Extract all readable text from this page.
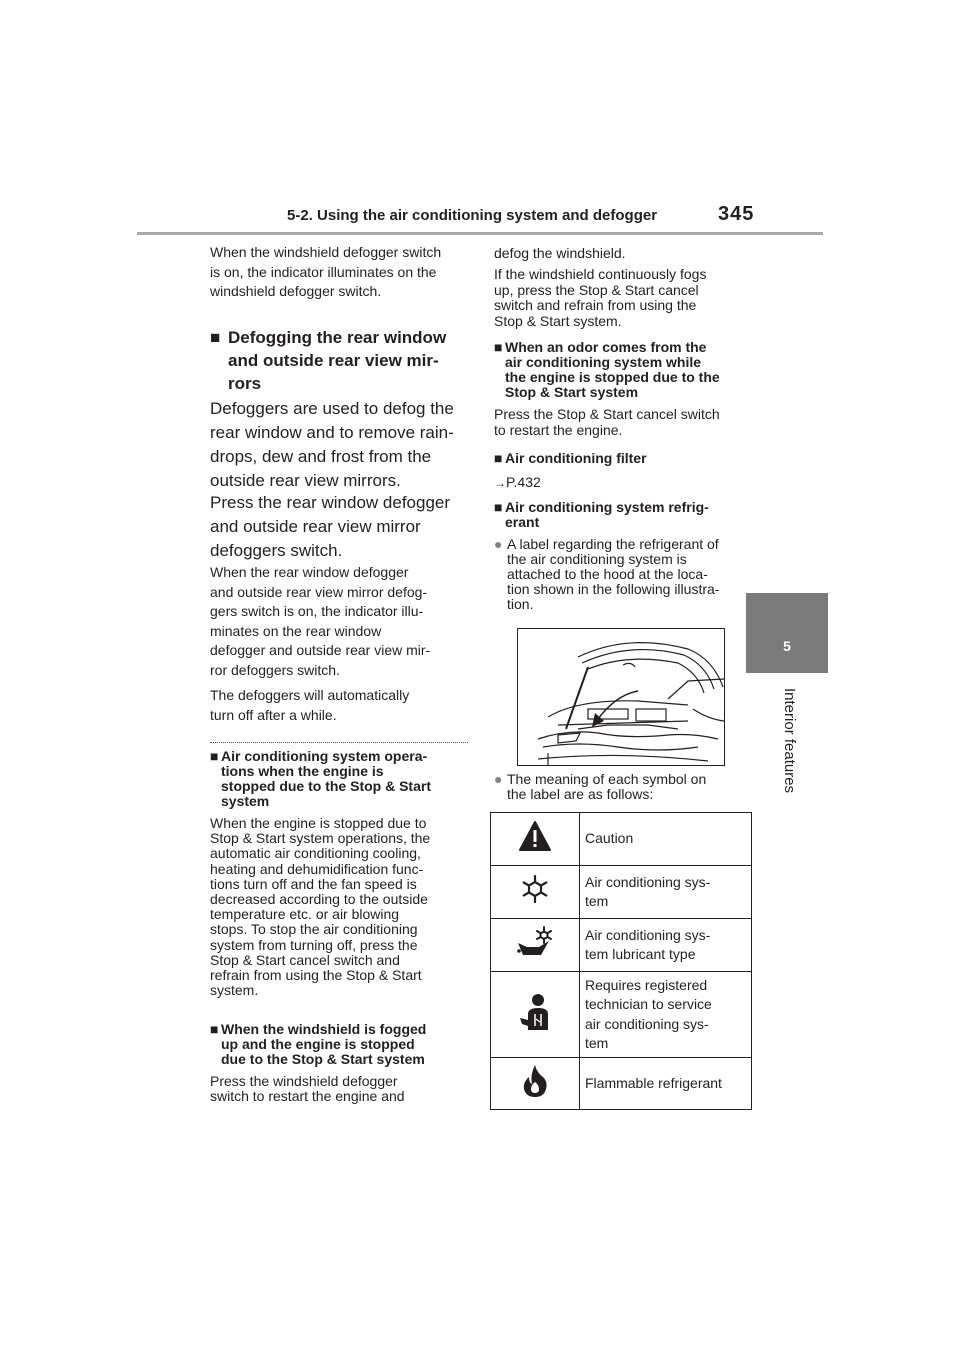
5-2. Using the air conditioning system and defogger	345
5
Interior features

When the windshield defogger switch is on, the indicator illuminates on the windshield defogger switch.

■ Defogging the rear window
and outside rear view mir-
rors
Defoggers are used to defog the
rear window and to remove rain-
drops, dew and frost from the
outside rear view mirrors.
Press the rear window defogger
and outside rear view mirror
defoggers switch.
When the rear window defogger
and outside rear view mirror defog-
gers switch is on, the indicator illu-
minates on the rear window
defogger and outside rear view mir-
ror defoggers switch.
The defoggers will automatically
turn off after a while.
■ Air conditioning system opera-
tions when the engine is
stopped due to the Stop & Start
system
When the engine is stopped due to
Stop & Start system operations, the
automatic air conditioning cooling,
heating and dehumidification func-
tions turn off and the fan speed is
decreased according to the outside
temperature etc. or air blowing
stops. To stop the air conditioning
system from turning off, press the
Stop & Start cancel switch and
refrain from using the Stop & Start
system.
■ When the windshield is fogged
up and the engine is stopped
due to the Stop & Start system
Press the windshield defogger
switch to restart the engine and
defog the windshield.
If the windshield continuously fogs
up, press the Stop & Start cancel
switch and refrain from using the
Stop & Start system.
■ When an odor comes from the
air conditioning system while
the engine is stopped due to the
Stop & Start system
Press the Stop & Start cancel switch
to restart the engine.
■ Air conditioning filter
→P.432
■ Air conditioning system refrig-
erant
● A label regarding the refrigerant of
the air conditioning system is
attached to the hood at the loca-
tion shown in the following illustra-
tion.
● The meaning of each symbol on
the label are as follows:

Caution

Air conditioning sys-
tem

Air conditioning sys-
tem lubricant type

Requires registered
technician to service
air conditioning sys-
tem

Flammable refrigerant
